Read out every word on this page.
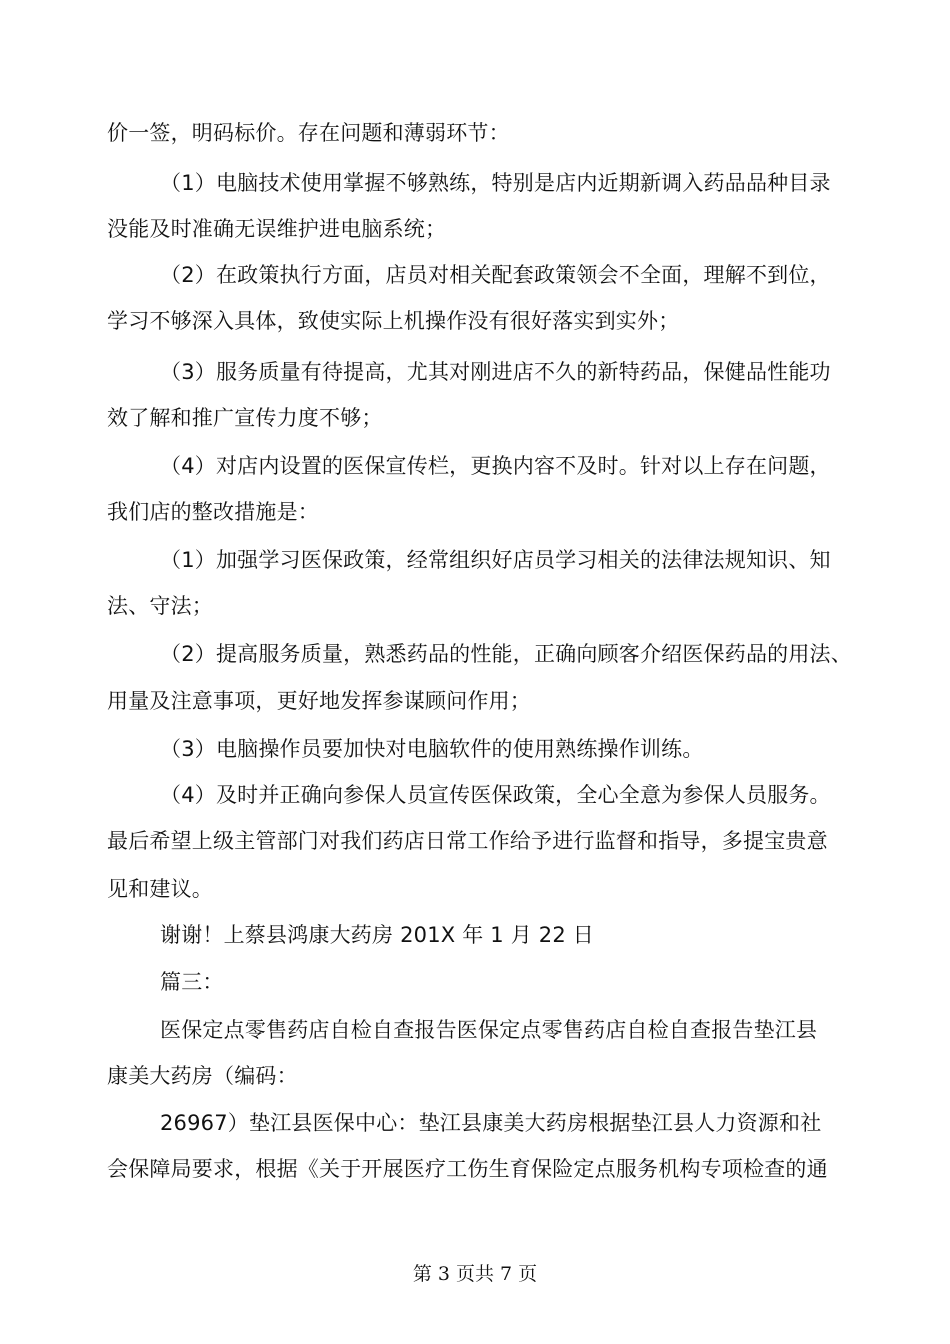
价一签，明码标价。存在问题和薄弱环节：
（1）电脑技术使用掌握不够熟练，特别是店内近期新调入药品品种目录
没能及时准确无误维护进电脑系统；
（2）在政策执行方面，店员对相关配套政策领会不全面，理解不到位，
学习不够深入具体，致使实际上机操作没有很好落实到实外；
（3）服务质量有待提高，尤其对刚进店不久的新特药品，保健品性能功
效了解和推广宣传力度不够；
（4）对店内设置的医保宣传栏，更换内容不及时。针对以上存在问题，
我们店的整改措施是：
（1）加强学习医保政策，经常组织好店员学习相关的法律法规知识、知
法、守法；
（2）提高服务质量，熟悉药品的性能，正确向顾客介绍医保药品的用法、
用量及注意事项，更好地发挥参谋顾问作用；
（3）电脑操作员要加快对电脑软件的使用熟练操作训练。
（4）及时并正确向参保人员宣传医保政策，全心全意为参保人员服务。
最后希望上级主管部门对我们药店日常工作给予进行监督和指导，多提宝贵意
见和建议。
谢谢！上蔡县鸿康大药房 201X 年 1 月 22 日
篇三：
医保定点零售药店自检自查报告医保定点零售药店自检自查报告垫江县
康美大药房（编码：
26967）垫江县医保中心：垫江县康美大药房根据垫江县人力资源和社
会保障局要求，根据《关于开展医疗工伤生育保险定点服务机构专项检查的通
第 3 页共 7 页
